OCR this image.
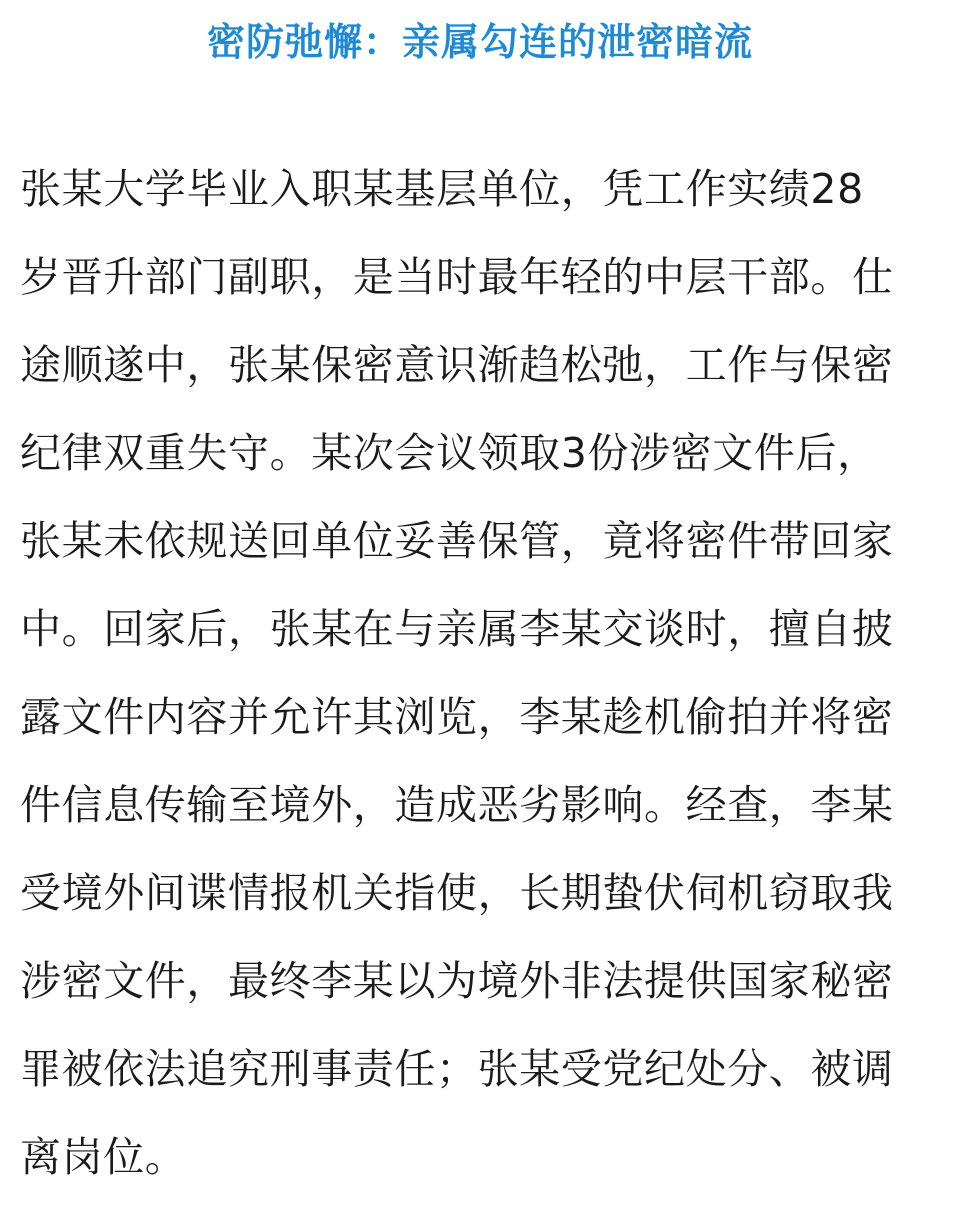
密防弛懈：亲属勾连的泄密暗流
张某大学毕业入职某基层单位，凭工作实绩28
岁晋升部门副职，是当时最年轻的中层干部。仕
途顺遂中，张某保密意识渐趋松弛，工作与保密
纪律双重失守。某次会议领取3份涉密文件后，
张某未依规送回单位妥善保管，竟将密件带回家
中。回家后，张某在与亲属李某交谈时，擅自披
露文件内容并允许其浏览，李某趁机偷拍并将密
件信息传输至境外，造成恶劣影响。经查，李某
受境外间谍情报机关指使，长期蛰伏伺机窃取我
涉密文件，最终李某以为境外非法提供国家秘密
罪被依法追究刑事责任；张某受党纪处分、被调
离岗位。
